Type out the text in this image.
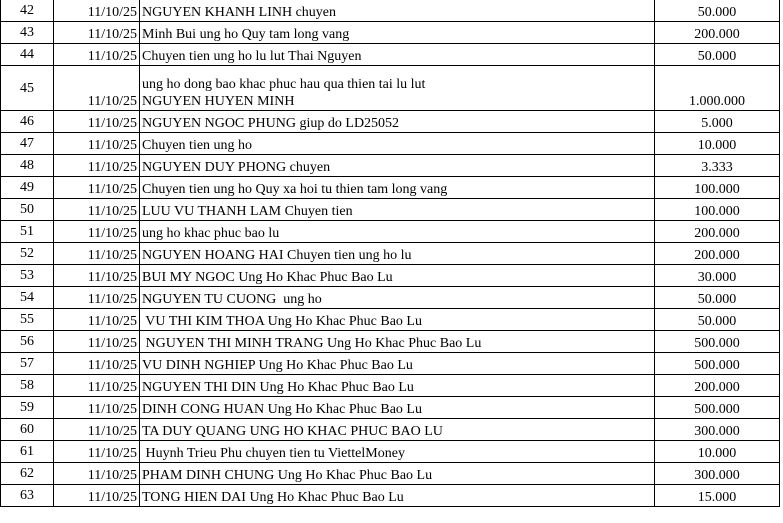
42	11/10/25	NGUYEN KHANH LINH chuyen	50.000
43	11/10/25	Minh Bui ung ho Quy tam long vang	200.000
44	11/10/25	Chuyen tien ung ho lu lut Thai Nguyen	50.000
45	11/10/25	ung ho dong bao khac phuc hau qua thien tai lu lut
NGUYEN HUYEN MINH	1.000.000
46	11/10/25	NGUYEN NGOC PHUNG giup do LD25052	5.000
47	11/10/25	Chuyen tien ung ho	10.000
48	11/10/25	NGUYEN DUY PHONG chuyen	3.333
49	11/10/25	Chuyen tien ung ho Quy xa hoi tu thien tam long vang	100.000
50	11/10/25	LUU VU THANH LAM Chuyen tien	100.000
51	11/10/25	ung ho khac phuc bao lu	200.000
52	11/10/25	NGUYEN HOANG HAI Chuyen tien ung ho lu	200.000
53	11/10/25	BUI MY NGOC Ung Ho Khac Phuc Bao Lu	30.000
54	11/10/25	NGUYEN TU CUONG  ung ho	50.000
55	11/10/25	VU THI KIM THOA Ung Ho Khac Phuc Bao Lu	50.000
56	11/10/25	NGUYEN THI MINH TRANG Ung Ho Khac Phuc Bao Lu	500.000
57	11/10/25	VU DINH NGHIEP Ung Ho Khac Phuc Bao Lu	500.000
58	11/10/25	NGUYEN THI DIN Ung Ho Khac Phuc Bao Lu	200.000
59	11/10/25	DINH CONG HUAN Ung Ho Khac Phuc Bao Lu	500.000
60	11/10/25	TA DUY QUANG UNG HO KHAC PHUC BAO LU	300.000
61	11/10/25	Huynh Trieu Phu chuyen tien tu ViettelMoney	10.000
62	11/10/25	PHAM DINH CHUNG Ung Ho Khac Phuc Bao Lu	300.000
63	11/10/25	TONG HIEN DAI Ung Ho Khac Phuc Bao Lu	15.000
